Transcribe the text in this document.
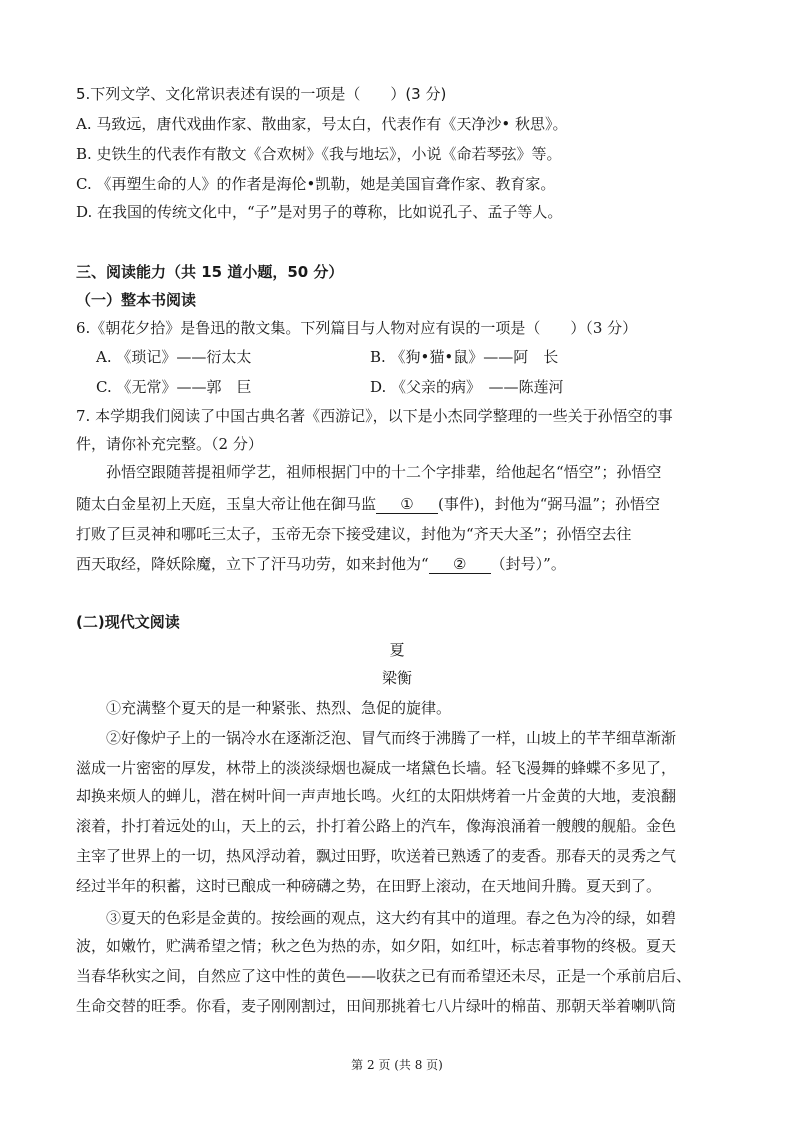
5.下列文学、文化常识表述有误的一项是（　　）(3 分)
A. 马致远，唐代戏曲作家、散曲家，号太白，代表作有《天净沙• 秋思》。
B. 史铁生的代表作有散文《合欢树》《我与地坛》，小说《命若琴弦》等。
C. 《再塑生命的人》的作者是海伦•凯勒，她是美国盲聋作家、教育家。
D. 在我国的传统文化中，“子”是对男子的尊称，比如说孔子、孟子等人。
三、阅读能力（共 15 道小题，50 分）
（一）整本书阅读
6.《朝花夕拾》是鲁迅的散文集。下列篇目与人物对应有误的一项是（　　）（3 分）
A. 《琐记》——衍太太	B. 《狗•猫•鼠》——阿　长
C. 《无常》——郭　巨	D. 《父亲的病》　——陈莲河
7. 本学期我们阅读了中国古典名著《西游记》，以下是小杰同学整理的一些关于孙悟空的事
件，请你补充完整。（2 分）
孙悟空跟随菩提祖师学艺，祖师根据门中的十二个字排辈，给他起名“悟空”；孙悟空
随太白金星初上天庭，玉皇大帝让他在御马监 ① (事件)，封他为“弼马温”；孙悟空
打败了巨灵神和哪吒三太子，玉帝无奈下接受建议，封他为“齐天大圣”；孙悟空去往
西天取经，降妖除魔，立下了汗马功劳，如来封他为“ ② （封号）”。
(二)现代文阅读
夏
梁衡
①充满整个夏天的是一种紧张、热烈、急促的旋律。
②好像炉子上的一锅冷水在逐渐泛泡、冒气而终于沸腾了一样，山坡上的芊芊细草渐渐
滋成一片密密的厚发，林带上的淡淡绿烟也凝成一堵黛色长墙。轻飞漫舞的蜂蝶不多见了，
却换来烦人的蝉儿，潜在树叶间一声声地长鸣。火红的太阳烘烤着一片金黄的大地，麦浪翻
滚着，扑打着远处的山，天上的云，扑打着公路上的汽车，像海浪涌着一艘艘的舰船。金色
主宰了世界上的一切，热风浮动着，飘过田野，吹送着已熟透了的麦香。那春天的灵秀之气
经过半年的积蓄，这时已酿成一种磅礴之势，在田野上滚动，在天地间升腾。夏天到了。
③夏天的色彩是金黄的。按绘画的观点，这大约有其中的道理。春之色为冷的绿，如碧
波，如嫩竹，贮满希望之情；秋之色为热的赤，如夕阳，如红叶，标志着事物的终极。夏天
当春华秋实之间，自然应了这中性的黄色——收获之已有而希望还未尽，正是一个承前启后、
生命交替的旺季。你看，麦子刚刚割过，田间那挑着七八片绿叶的棉苗、那朝天举着喇叭筒
第 2 页 (共 8 页)
